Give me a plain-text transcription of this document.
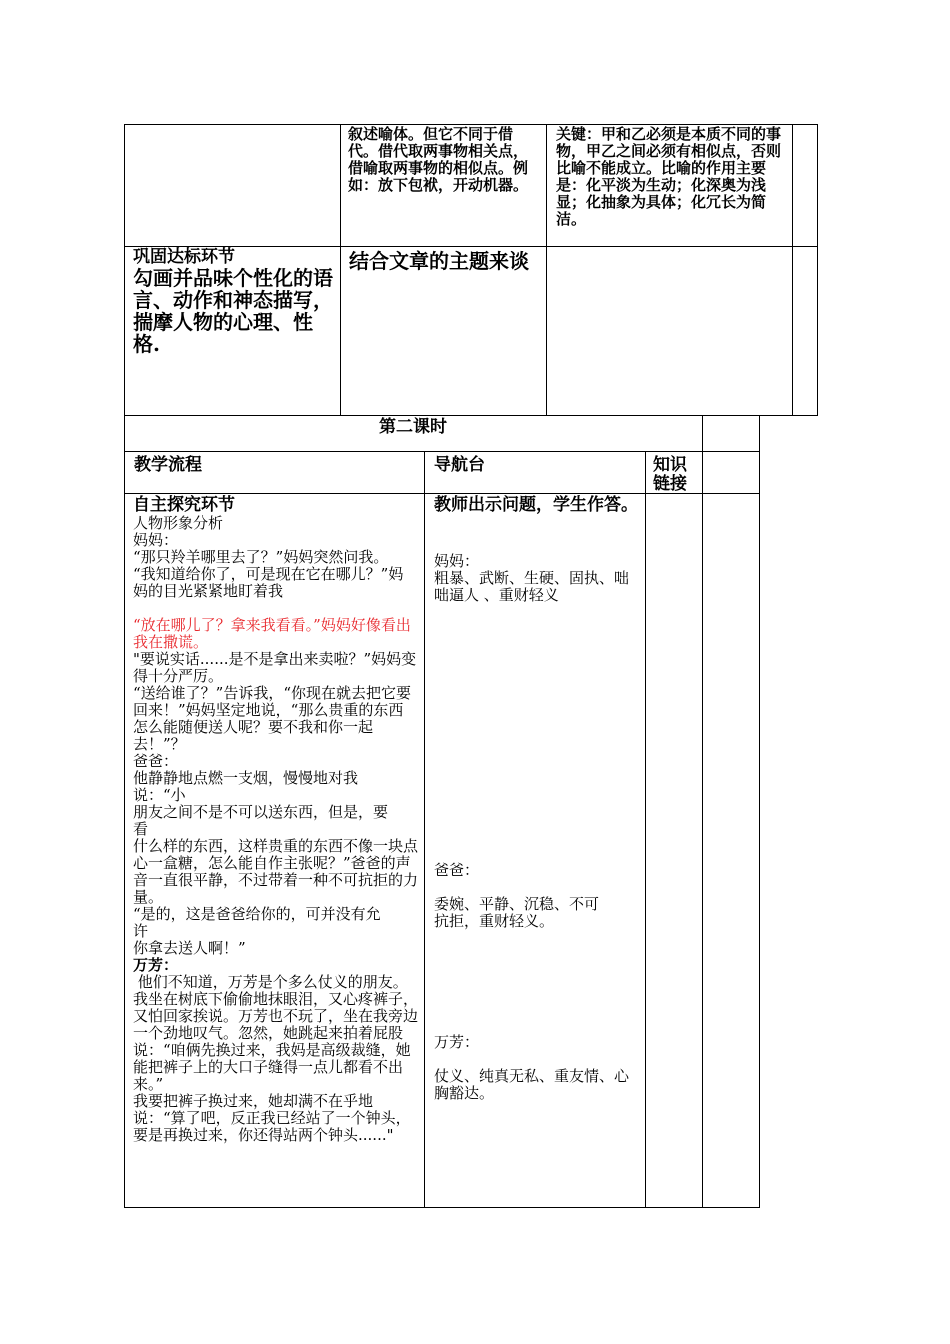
叙述喻体。但它不同于借代。借代取两事物相关点，借喻取两事物的相似点。例如：放下包袱，开动机器。

关键：甲和乙必须是本质不同的事物，甲乙之间必须有相似点，否则比喻不能成立。比喻的作用主要是：化平淡为生动；化深奥为浅显；化抽象为具体；化冗长为简洁。

巩固达标环节
勾画并品味个性化的语言、动作和神态描写，揣摩人物的心理、性格.
结合文章的主题来谈
第二课时
教学流程	导航台	知识链接
自主探究环节

人物形象分析

妈妈：

“那只羚羊哪里去了？”妈妈突然问我。

“我知道给你了，可是现在它在哪儿？”妈妈的目光紧紧地盯着我

“放在哪儿了？拿来我看看。”妈妈好像看出我在撒谎。

"要说实话......是不是拿出来卖啦？”妈妈变得十分严厉。

“送给谁了？”告诉我，“你现在就去把它要回来！”妈妈坚定地说，“那么贵重的东西怎么能随便送人呢？要不我和你一起去！”？

爸爸：

他静静地点燃一支烟，慢慢地对我说：“小

朋友之间不是不可以送东西，但是，要看

什么样的东西，这样贵重的东西不像一块点心一盒糖，怎么能自作主张呢？”爸爸的声音一直很平静，不过带着一种不可抗拒的力量。

“是的，这是爸爸给你的，可并没有允许

你拿去送人啊！”

万芳：

他们不知道，万芳是个多么仗义的朋友。

我坐在树底下偷偷地抹眼泪，又心疼裤子，又怕回家挨说。万芳也不玩了，坐在我旁边一个劲地叹气。忽然，她跳起来拍着屁股说：“咱俩先换过来，我妈是高级裁缝，她能把裤子上的大口子缝得一点儿都看不出来。”

我要把裤子换过来，她却满不在乎地说：“算了吧，反正我已经站了一个钟头，要是再换过来，你还得站两个钟头......"

教师出示问题，学生作答。
妈妈：
粗暴、武断、生硬、固执、咄咄逼人 、重财轻义
爸爸：
委婉、平静、沉稳、不可抗拒，重财轻义。
万芳：
仗义、纯真无私、重友情、心胸豁达。
